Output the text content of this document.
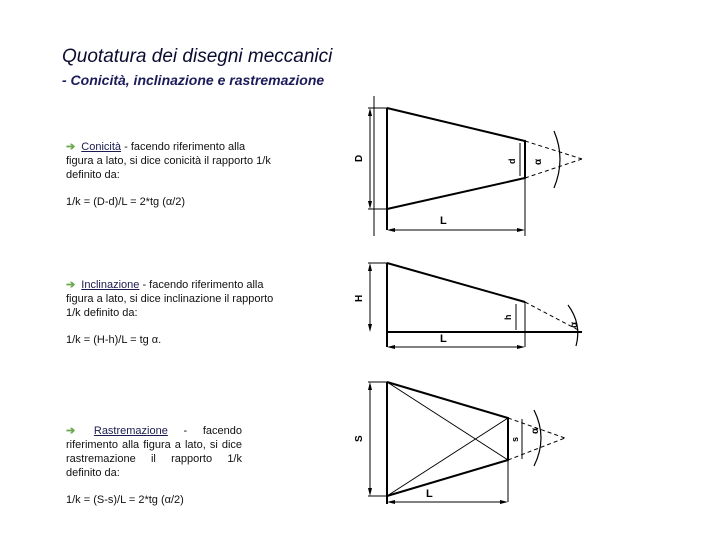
Quotatura dei disegni meccanici
- Conicità, inclinazione e rastremazione

➔ Conicità - facendo riferimento alla figura a lato, si dice conicità il rapporto 1/k definito da:

1/k = (D-d)/L = 2*tg (α/2)

➔ Inclinazione - facendo riferimento alla figura a lato, si dice inclinazione il rapporto 1/k definito da:

1/k = (H-h)/L = tg α.

➔ Rastremazione - facendo riferimento alla figura a lato, si dice rastremazione il rapporto 1/k definito da:

1/k = (S-s)/L = 2*tg (α/2)

D	d α
L
H
h
α
L
S	s
α
L
